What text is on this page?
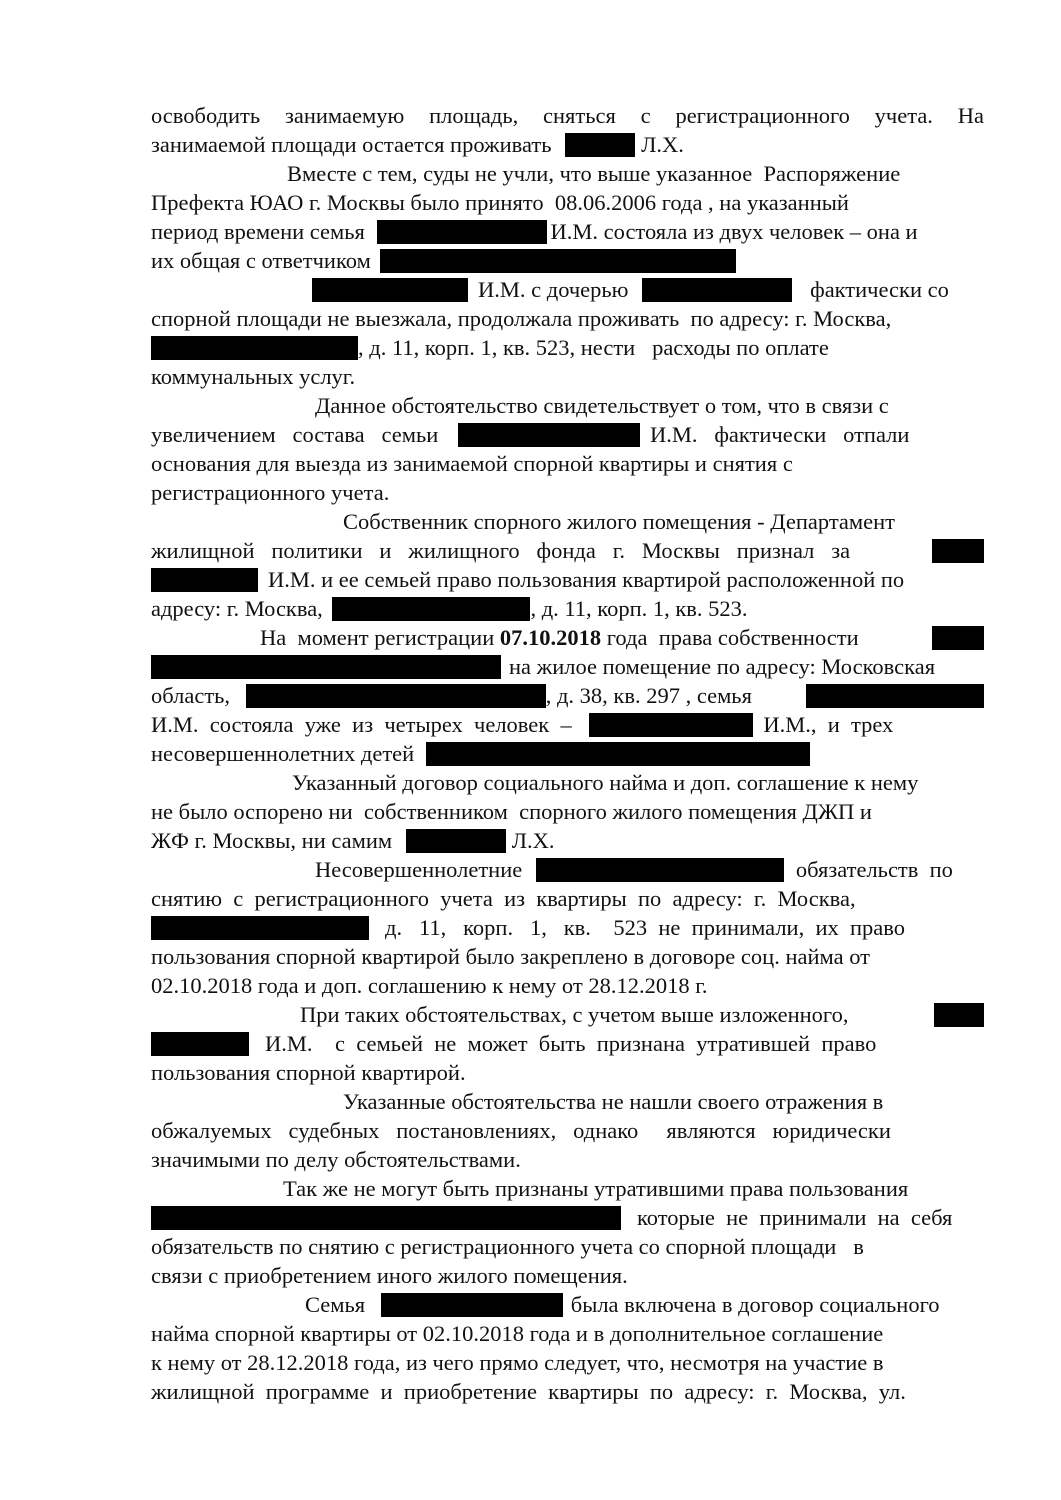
освободить занимаемую площадь, сняться с регистрационного учета. На
занимаемой площади остается проживать	Л.Х.
Вместе с тем, суды не учли, что выше указанное  Распоряжение
Префекта ЮАО г. Москвы было принято  08.06.2006 года , на указанный
период времени семья	И.М. состояла из двух человек – она и
их общая с ответчиком
И.М. с дочерью	фактически со
спорной площади не выезжала, продолжала проживать  по адресу: г. Москва,
, д. 11, корп. 1, кв. 523, нести   расходы по оплате
коммунальных услуг.
Данное обстоятельство свидетельствует о том, что в связи с
увеличением   состава   семьи	И.М.   фактически   отпали
основания для выезда из занимаемой спорной квартиры и снятия с
регистрационного учета.
Собственник спорного жилого помещения - Департамент
жилищной   политики   и   жилищного   фонда   г.   Москвы   признал   за
И.М. и ее семьей право пользования квартирой расположенной по
адресу: г. Москва,	, д. 11, корп. 1, кв. 523.
На  момент регистрации 07.10.2018 года  права собственности
на жилое помещение по адресу: Московская
область,	, д. 38, кв. 297 , семья
И.М.  состояла  уже  из  четырех  человек  –	И.М.,  и  трех
несовершеннолетних детей
Указанный договор социального найма и доп. соглашение к нему
не было оспорено ни  собственником  спорного жилого помещения ДЖП и
ЖФ г. Москвы, ни самим	Л.Х.
Несовершеннолетние	обязательств  по
снятию  с  регистрационного  учета  из  квартиры  по  адресу:  г.  Москва,
д.   11,   корп.   1,   кв.    523  не  принимали,  их  право
пользования спорной квартирой было закреплено в договоре соц. найма от
02.10.2018 года и доп. соглашению к нему от 28.12.2018 г.
При таких обстоятельствах, с учетом выше изложенного,
И.М.    с  семьей  не  может  быть  признана  утратившей  право
пользования спорной квартирой.
Указанные обстоятельства не нашли своего отражения в
обжалуемых   судебных   постановлениях,   однако     являются   юридически
значимыми по делу обстоятельствами.
Так же не могут быть признаны утратившими права пользования
которые  не  принимали  на  себя
обязательств по снятию с регистрационного учета со спорной площади   в
связи с приобретением иного жилого помещения.
Семья	была включена в договор социального
найма спорной квартиры от 02.10.2018 года и в дополнительное соглашение
к нему от 28.12.2018 года, из чего прямо следует, что, несмотря на участие в
жилищной  программе  и  приобретение  квартиры  по  адресу:  г.  Москва,  ул.
